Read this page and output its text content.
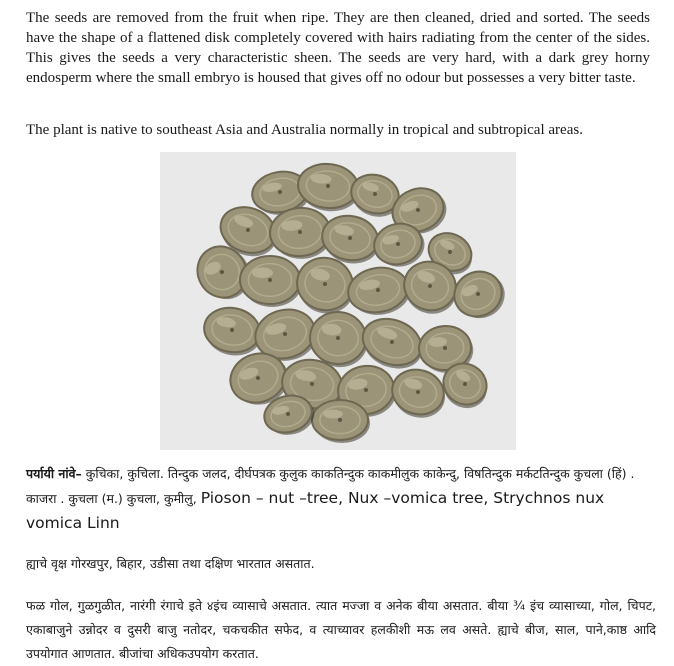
The seeds are removed from the fruit when ripe. They are then cleaned, dried and sorted. The seeds have the shape of a flattened disk completely covered with hairs radiating from the center of the sides. This gives the seeds a very characteristic sheen. The seeds are very hard, with a dark grey horny endosperm where the small embryo is housed that gives off no odour but possesses a very bitter taste.

The plant is native to southeast Asia and Australia normally in tropical and subtropical areas.

पर्यायी नांवे– कुचिका, कुचिला. तिन्दुक जलद, दीर्घपत्रक कुलुक काकतिन्दुक काकमीलुक काकेन्दु, विषतिन्दुक मर्कटतिन्दुक कुचला (हिं) . काजरा . कुचला (म.) कुचला, कुमीलु, Pioson – nut –tree, Nux –vomica tree, Strychnos nux vomica Linn

ह्याचे वृक्ष गोरखपुर, बिहार, उडीसा तथा दक्षिण भारतात असतात.

फळ गोल, गुळगुळीत, नारंगी रंगाचे इते ४इंच व्यासाचे असतात. त्यात मज्जा व अनेक बीया असतात. बीया ¾ इंच व्यासाच्या, गोल, चिपट, एकाबाजुने उन्नोदर व दुसरी बाजु नतोदर, चकचकीत सफेद, व त्याच्यावर हलकीशी मऊ लव असते. ह्याचे बीज, साल, पाने,काष्ठ आदि उपयोगात आणतात. बीजांचा अधिकउपयोग करतात.
